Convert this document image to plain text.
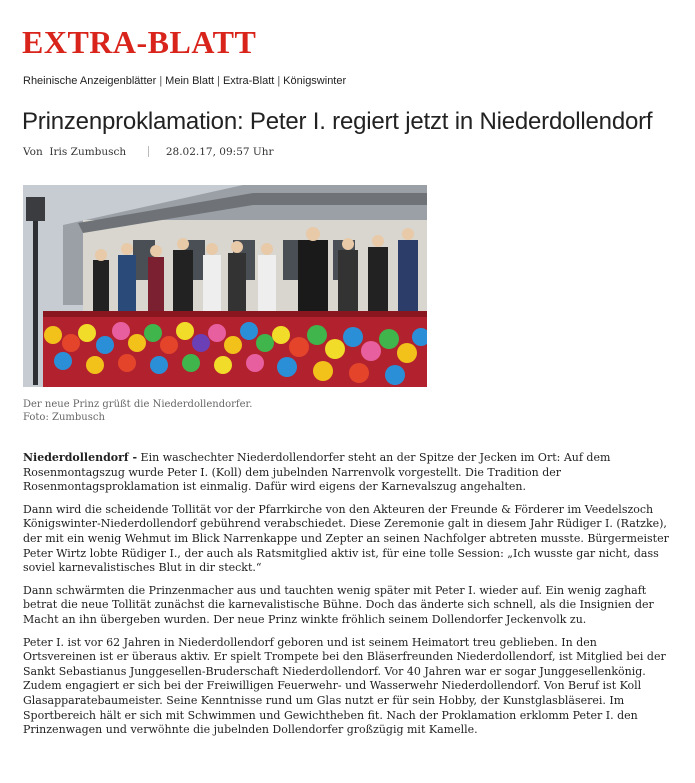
EXTRA-BLATT
Rheinische Anzeigenblätter | Mein Blatt | Extra-Blatt | Königswinter
Prinzenproklamation: Peter I. regiert jetzt in Niederdollendorf
Von Iris Zumbusch	28.02.17, 09:57 Uhr
Der neue Prinz grüßt die Niederdollendorfer.
Foto: Zumbusch

Niederdollendorf - Ein waschechter Niederdollendorfer steht an der Spitze der Jecken im Ort: Auf dem Rosenmontagszug wurde Peter I. (Koll) dem jubelnden Narrenvolk vorgestellt. Die Tradition der Rosenmontagsproklamation ist einmalig. Dafür wird eigens der Karnevalszug angehalten.

Dann wird die scheidende Tollität vor der Pfarrkirche von den Akteuren der Freunde & Förderer im Veedelszoch Königswinter-Niederdollendorf gebührend verabschiedet. Diese Zeremonie galt in diesem Jahr Rüdiger I. (Ratzke), der mit ein wenig Wehmut im Blick Narrenkappe und Zepter an seinen Nachfolger abtreten musste. Bürgermeister Peter Wirtz lobte Rüdiger I., der auch als Ratsmitglied aktiv ist, für eine tolle Session: „Ich wusste gar nicht, dass soviel karnevalistisches Blut in dir steckt.“

Dann schwärmten die Prinzenmacher aus und tauchten wenig später mit Peter I. wieder auf. Ein wenig zaghaft betrat die neue Tollität zunächst die karnevalistische Bühne. Doch das änderte sich schnell, als die Insignien der Macht an ihn übergeben wurden. Der neue Prinz winkte fröhlich seinem Dollendorfer Jeckenvolk zu.

Peter I. ist vor 62 Jahren in Niederdollendorf geboren und ist seinem Heimatort treu geblieben. In den Ortsvereinen ist er überaus aktiv. Er spielt Trompete bei den Bläserfreunden Niederdollendorf, ist Mitglied bei der Sankt Sebastianus Junggesellen-Bruderschaft Niederdollendorf. Vor 40 Jahren war er sogar Junggesellenkönig. Zudem engagiert er sich bei der Freiwilligen Feuerwehr- und Wasserwehr Niederdollendorf. Von Beruf ist Koll Glasapparatebaumeister. Seine Kenntnisse rund um Glas nutzt er für sein Hobby, der Kunstglasbläserei. Im Sportbereich hält er sich mit Schwimmen und Gewichtheben fit. Nach der Proklamation erklomm Peter I. den Prinzenwagen und verwöhnte die jubelnden Dollendorfer großzügig mit Kamelle.
